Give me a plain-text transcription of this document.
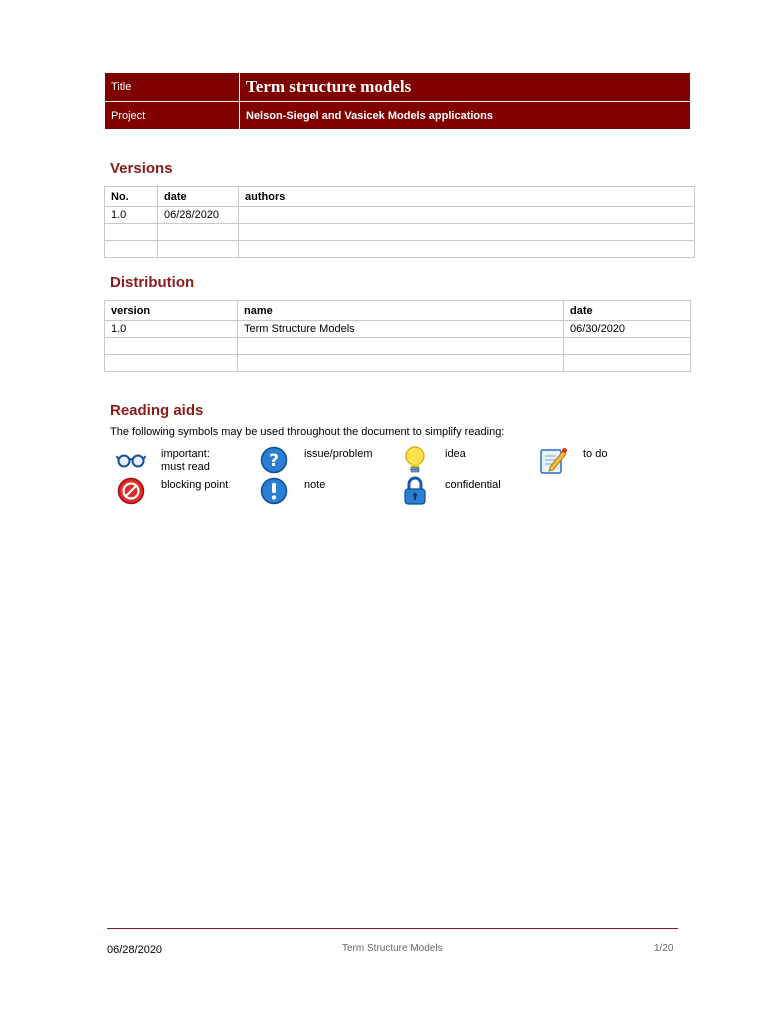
Title	Term structure models
Project	Nelson-Siegel and Vasicek Models applications
Versions
No.	date	authors
1.0	06/28/2020	

Distribution
version	name	date
1.0	Term Structure Models	06/30/2020

Reading aids
The following symbols may be used throughout the document to simplify reading:
important:
must read	? issue/problem	idea	to do
blocking point	note	confidential
06/28/2020	Term Structure Models	1/20
